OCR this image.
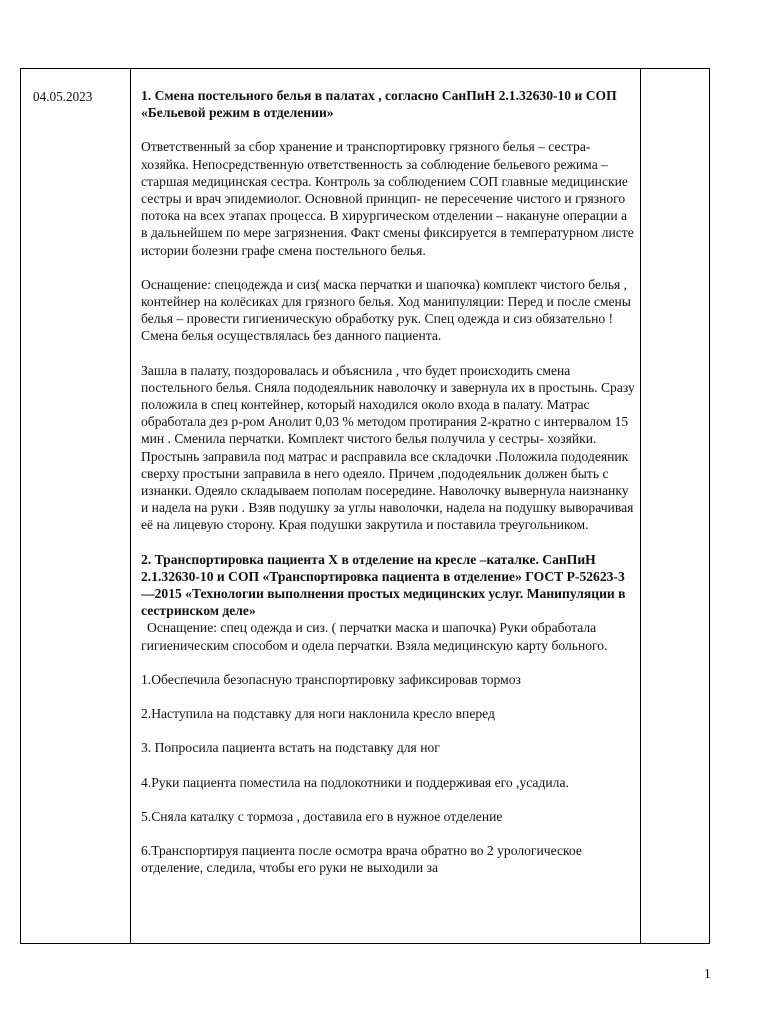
04.05.2023	1. Смена постельного белья в палатах , согласно СанПиН 2.1.32630-10 и СОП «Бельевой режим в отделении»

Ответственный за сбор хранение и транспортировку грязного белья – сестра-хозяйка. Непосредственную ответственность за соблюдение бельевого режима – старшая медицинская сестра. Контроль за соблюдением СОП главные медицинские сестры и врач эпидемиолог. Основной принцип- не пересечение чистого и грязного потока на всех этапах процесса. В хирургическом отделении – накануне операции а в дальнейшем по мере загрязнения. Факт смены фиксируется в температурном листе истории болезни графе смена постельного белья.

Оснащение: спецодежда и сиз( маска перчатки и шапочка) комплект чистого белья , контейнер на колёсиках для грязного белья. Ход манипуляции: Перед и после смены белья – провести гигиеническую обработку рук. Спец одежда и сиз обязательно ! Смена белья осуществлялась без данного пациента.

Зашла в палату, поздоровалась и объяснила , что будет происходить смена постельного белья. Сняла пододеяльник наволочку и завернула их в простынь. Сразу положила в спец контейнер, который находился около входа в палату. Матрас обработала дез р-ром Анолит 0,03 % методом протирания 2-кратно с интервалом 15 мин . Сменила перчатки. Комплект чистого белья получила у сестры- хозяйки. Простынь заправила под матрас и расправила все складочки .Положила пододеяник сверху простыни заправила в него одеяло. Причем ,пододеяльник должен быть с изнанки. Одеяло складываем пополам посередине. Наволочку вывернула наизнанку и надела на руки . Взяв подушку за углы наволочки, надела на подушку выворачивая её на лицевую сторону. Края подушки закрутила и поставила треугольником.

2. Транспортировка пациента Х в отделение на кресле –каталке. СанПиН 2.1.32630-10 и СОП «Транспортировка пациента в отделение» ГОСТ Р-52623-3—2015 «Технологии выполнения простых медицинских услуг. Манипуляции в сестринском деле»

Оснащение: спец одежда и сиз. ( перчатки маска и шапочка) Руки обработала гигиеническим способом и одела перчатки. Взяла медицинскую карту больного.

1.Обеспечила безопасную транспортировку зафиксировав тормоз

2.Наступила на подставку для ноги наклонила кресло вперед

3. Попросила пациента встать на подставку для ног

4.Руки пациента поместила на подлокотники и поддерживая его ,усадила.

5.Сняла каталку с тормоза , доставила его в нужное отделение

6.Транспортируя пациента после осмотра врача обратно во 2 урологическое отделение, следила, чтобы его руки не выходили за

1
